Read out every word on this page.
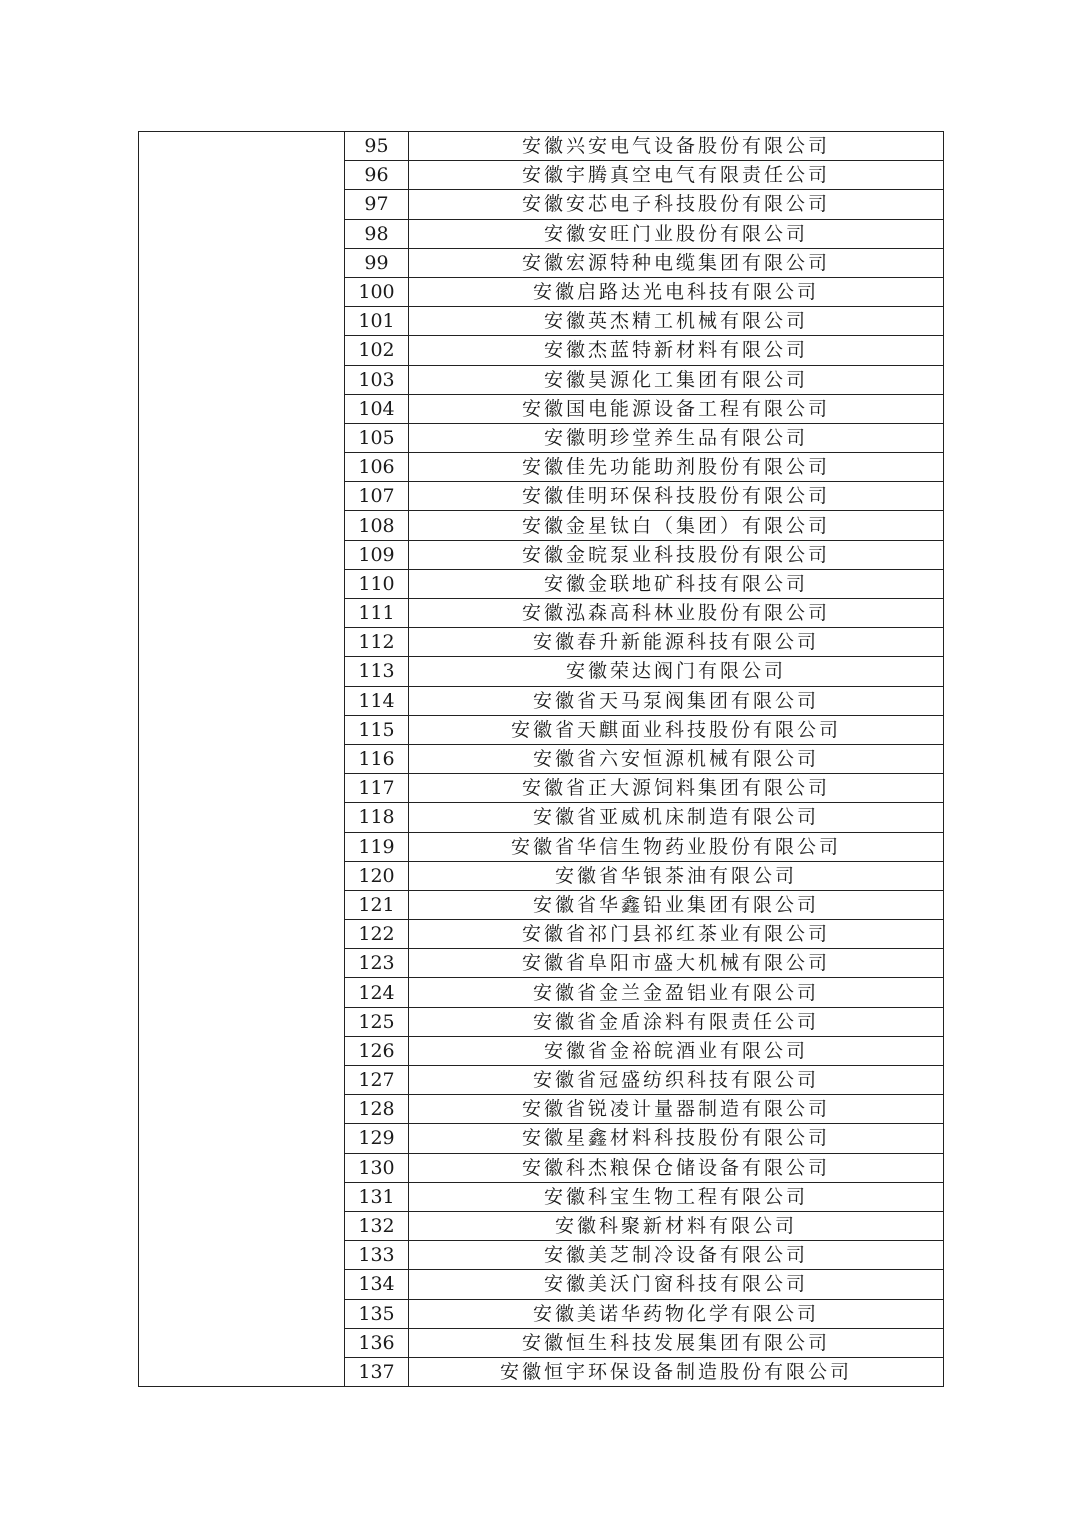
	95	安徽兴安电气设备股份有限公司
	96	安徽宇腾真空电气有限责任公司
	97	安徽安芯电子科技股份有限公司
	98	安徽安旺门业股份有限公司
	99	安徽宏源特种电缆集团有限公司
	100	安徽启路达光电科技有限公司
	101	安徽英杰精工机械有限公司
	102	安徽杰蓝特新材料有限公司
	103	安徽昊源化工集团有限公司
	104	安徽国电能源设备工程有限公司
	105	安徽明珍堂养生品有限公司
	106	安徽佳先功能助剂股份有限公司
	107	安徽佳明环保科技股份有限公司
	108	安徽金星钛白（集团）有限公司
	109	安徽金晥泵业科技股份有限公司
	110	安徽金联地矿科技有限公司
	111	安徽泓森高科林业股份有限公司
	112	安徽春升新能源科技有限公司
	113	安徽荣达阀门有限公司
	114	安徽省天马泵阀集团有限公司
	115	安徽省天麒面业科技股份有限公司
	116	安徽省六安恒源机械有限公司
	117	安徽省正大源饲料集团有限公司
	118	安徽省亚威机床制造有限公司
	119	安徽省华信生物药业股份有限公司
	120	安徽省华银茶油有限公司
	121	安徽省华鑫铅业集团有限公司
	122	安徽省祁门县祁红茶业有限公司
	123	安徽省阜阳市盛大机械有限公司
	124	安徽省金兰金盈铝业有限公司
	125	安徽省金盾涂料有限责任公司
	126	安徽省金裕皖酒业有限公司
	127	安徽省冠盛纺织科技有限公司
	128	安徽省锐凌计量器制造有限公司
	129	安徽星鑫材料科技股份有限公司
	130	安徽科杰粮保仓储设备有限公司
	131	安徽科宝生物工程有限公司
	132	安徽科聚新材料有限公司
	133	安徽美芝制冷设备有限公司
	134	安徽美沃门窗科技有限公司
	135	安徽美诺华药物化学有限公司
	136	安徽恒生科技发展集团有限公司
	137	安徽恒宇环保设备制造股份有限公司
